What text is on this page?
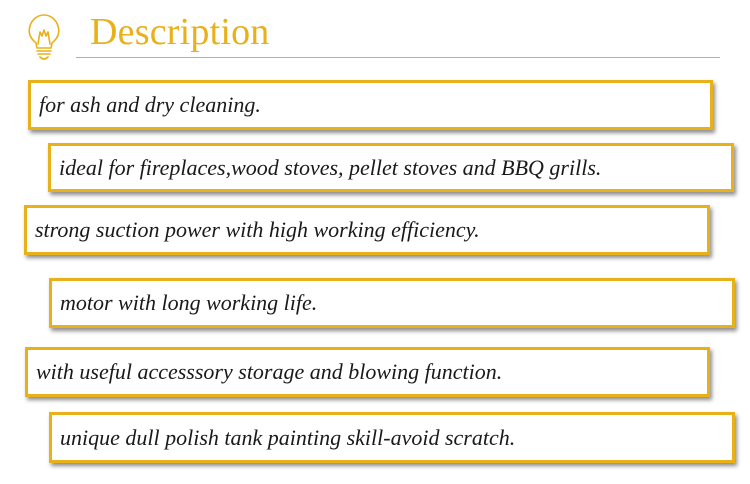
Description
for ash and dry cleaning.
ideal for fireplaces,wood stoves, pellet stoves and BBQ grills.
strong suction power with high working efficiency.
motor with long working life.
with useful accesssory storage and blowing function.
unique dull polish tank painting skill-avoid scratch.
